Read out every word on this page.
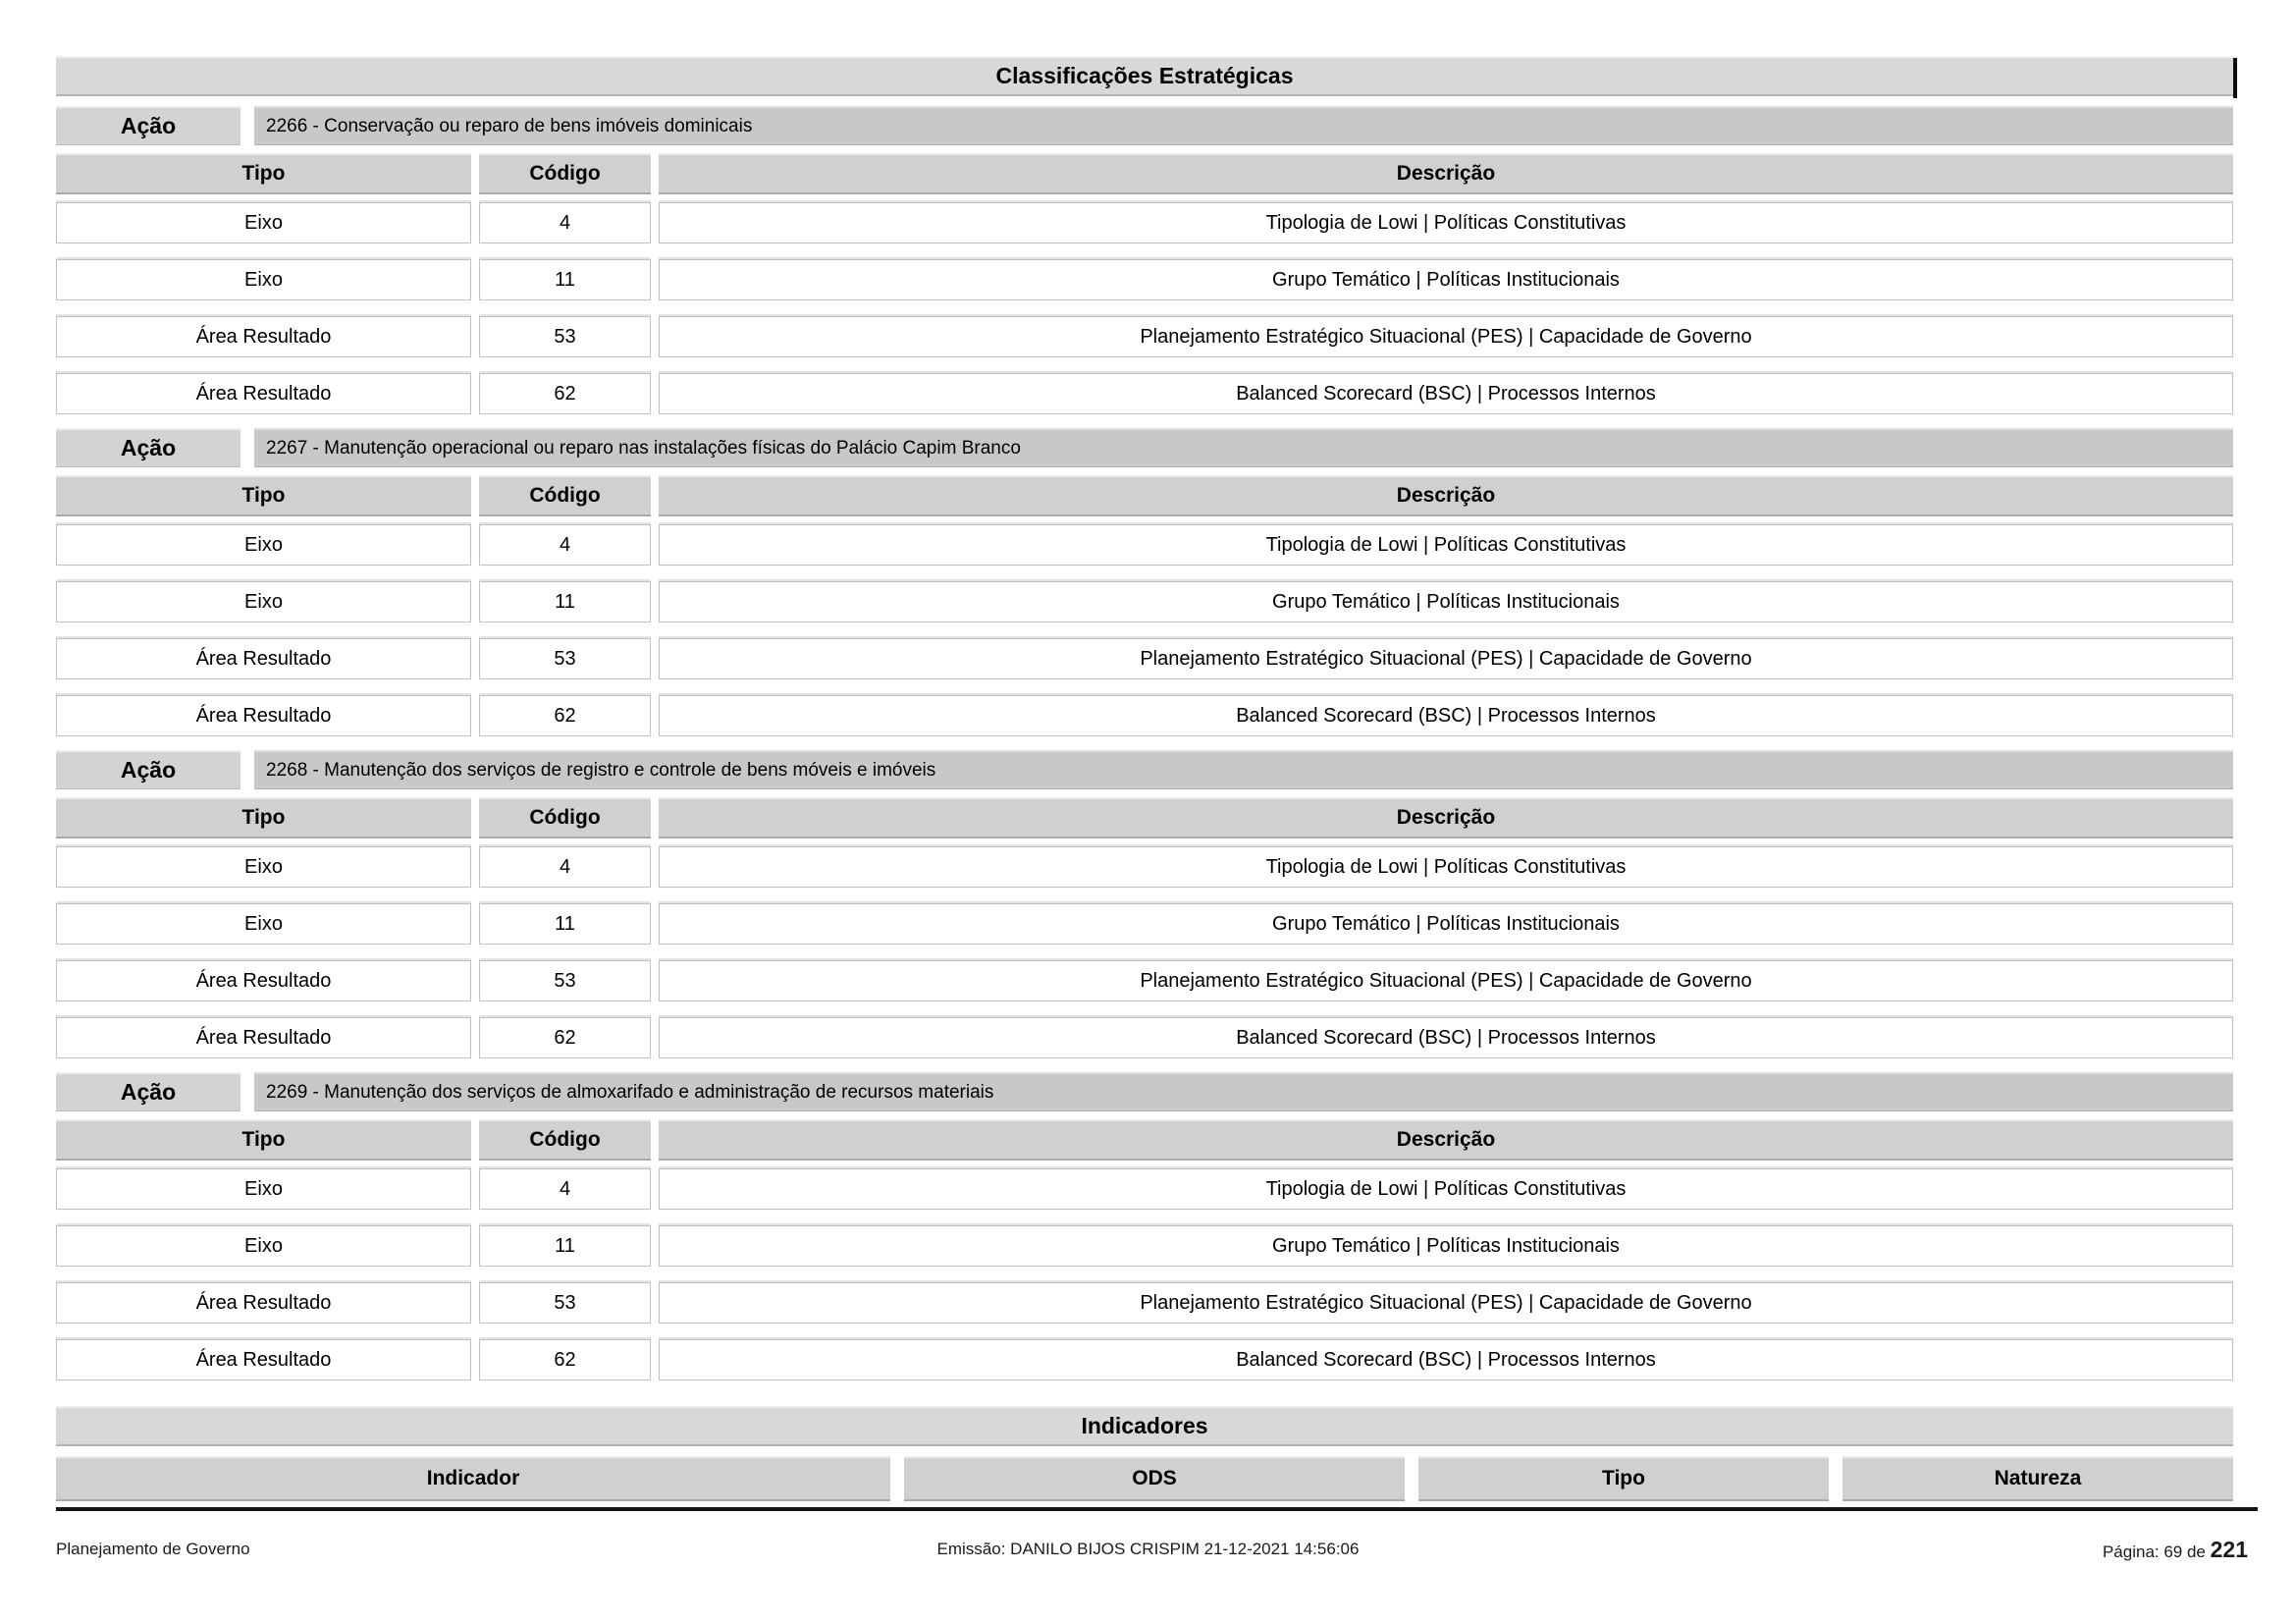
Classificações Estratégicas
Ação	2266 - Conservação ou reparo de bens imóveis dominicais
Tipo	Código	Descrição
Eixo	4	Tipologia de Lowi | Políticas Constitutivas
Eixo	11	Grupo Temático | Políticas Institucionais
Área Resultado	53	Planejamento Estratégico Situacional (PES) | Capacidade de Governo
Área Resultado	62	Balanced Scorecard (BSC) | Processos Internos
Ação	2267 - Manutenção operacional ou reparo nas instalações físicas do Palácio Capim Branco
Tipo	Código	Descrição
Eixo	4	Tipologia de Lowi | Políticas Constitutivas
Eixo	11	Grupo Temático | Políticas Institucionais
Área Resultado	53	Planejamento Estratégico Situacional (PES) | Capacidade de Governo
Área Resultado	62	Balanced Scorecard (BSC) | Processos Internos
Ação	2268 - Manutenção dos serviços de registro e controle de bens móveis e imóveis
Tipo	Código	Descrição
Eixo	4	Tipologia de Lowi | Políticas Constitutivas
Eixo	11	Grupo Temático | Políticas Institucionais
Área Resultado	53	Planejamento Estratégico Situacional (PES) | Capacidade de Governo
Área Resultado	62	Balanced Scorecard (BSC) | Processos Internos
Ação	2269 - Manutenção dos serviços de almoxarifado e administração de recursos materiais
Tipo	Código	Descrição
Eixo	4	Tipologia de Lowi | Políticas Constitutivas
Eixo	11	Grupo Temático | Políticas Institucionais
Área Resultado	53	Planejamento Estratégico Situacional (PES) | Capacidade de Governo
Área Resultado	62	Balanced Scorecard (BSC) | Processos Internos
Indicadores
Indicador	ODS	Tipo	Natureza
Planejamento de Governo	Emissão: DANILO BIJOS CRISPIM 21-12-2021 14:56:06	Página: 69 de 221
